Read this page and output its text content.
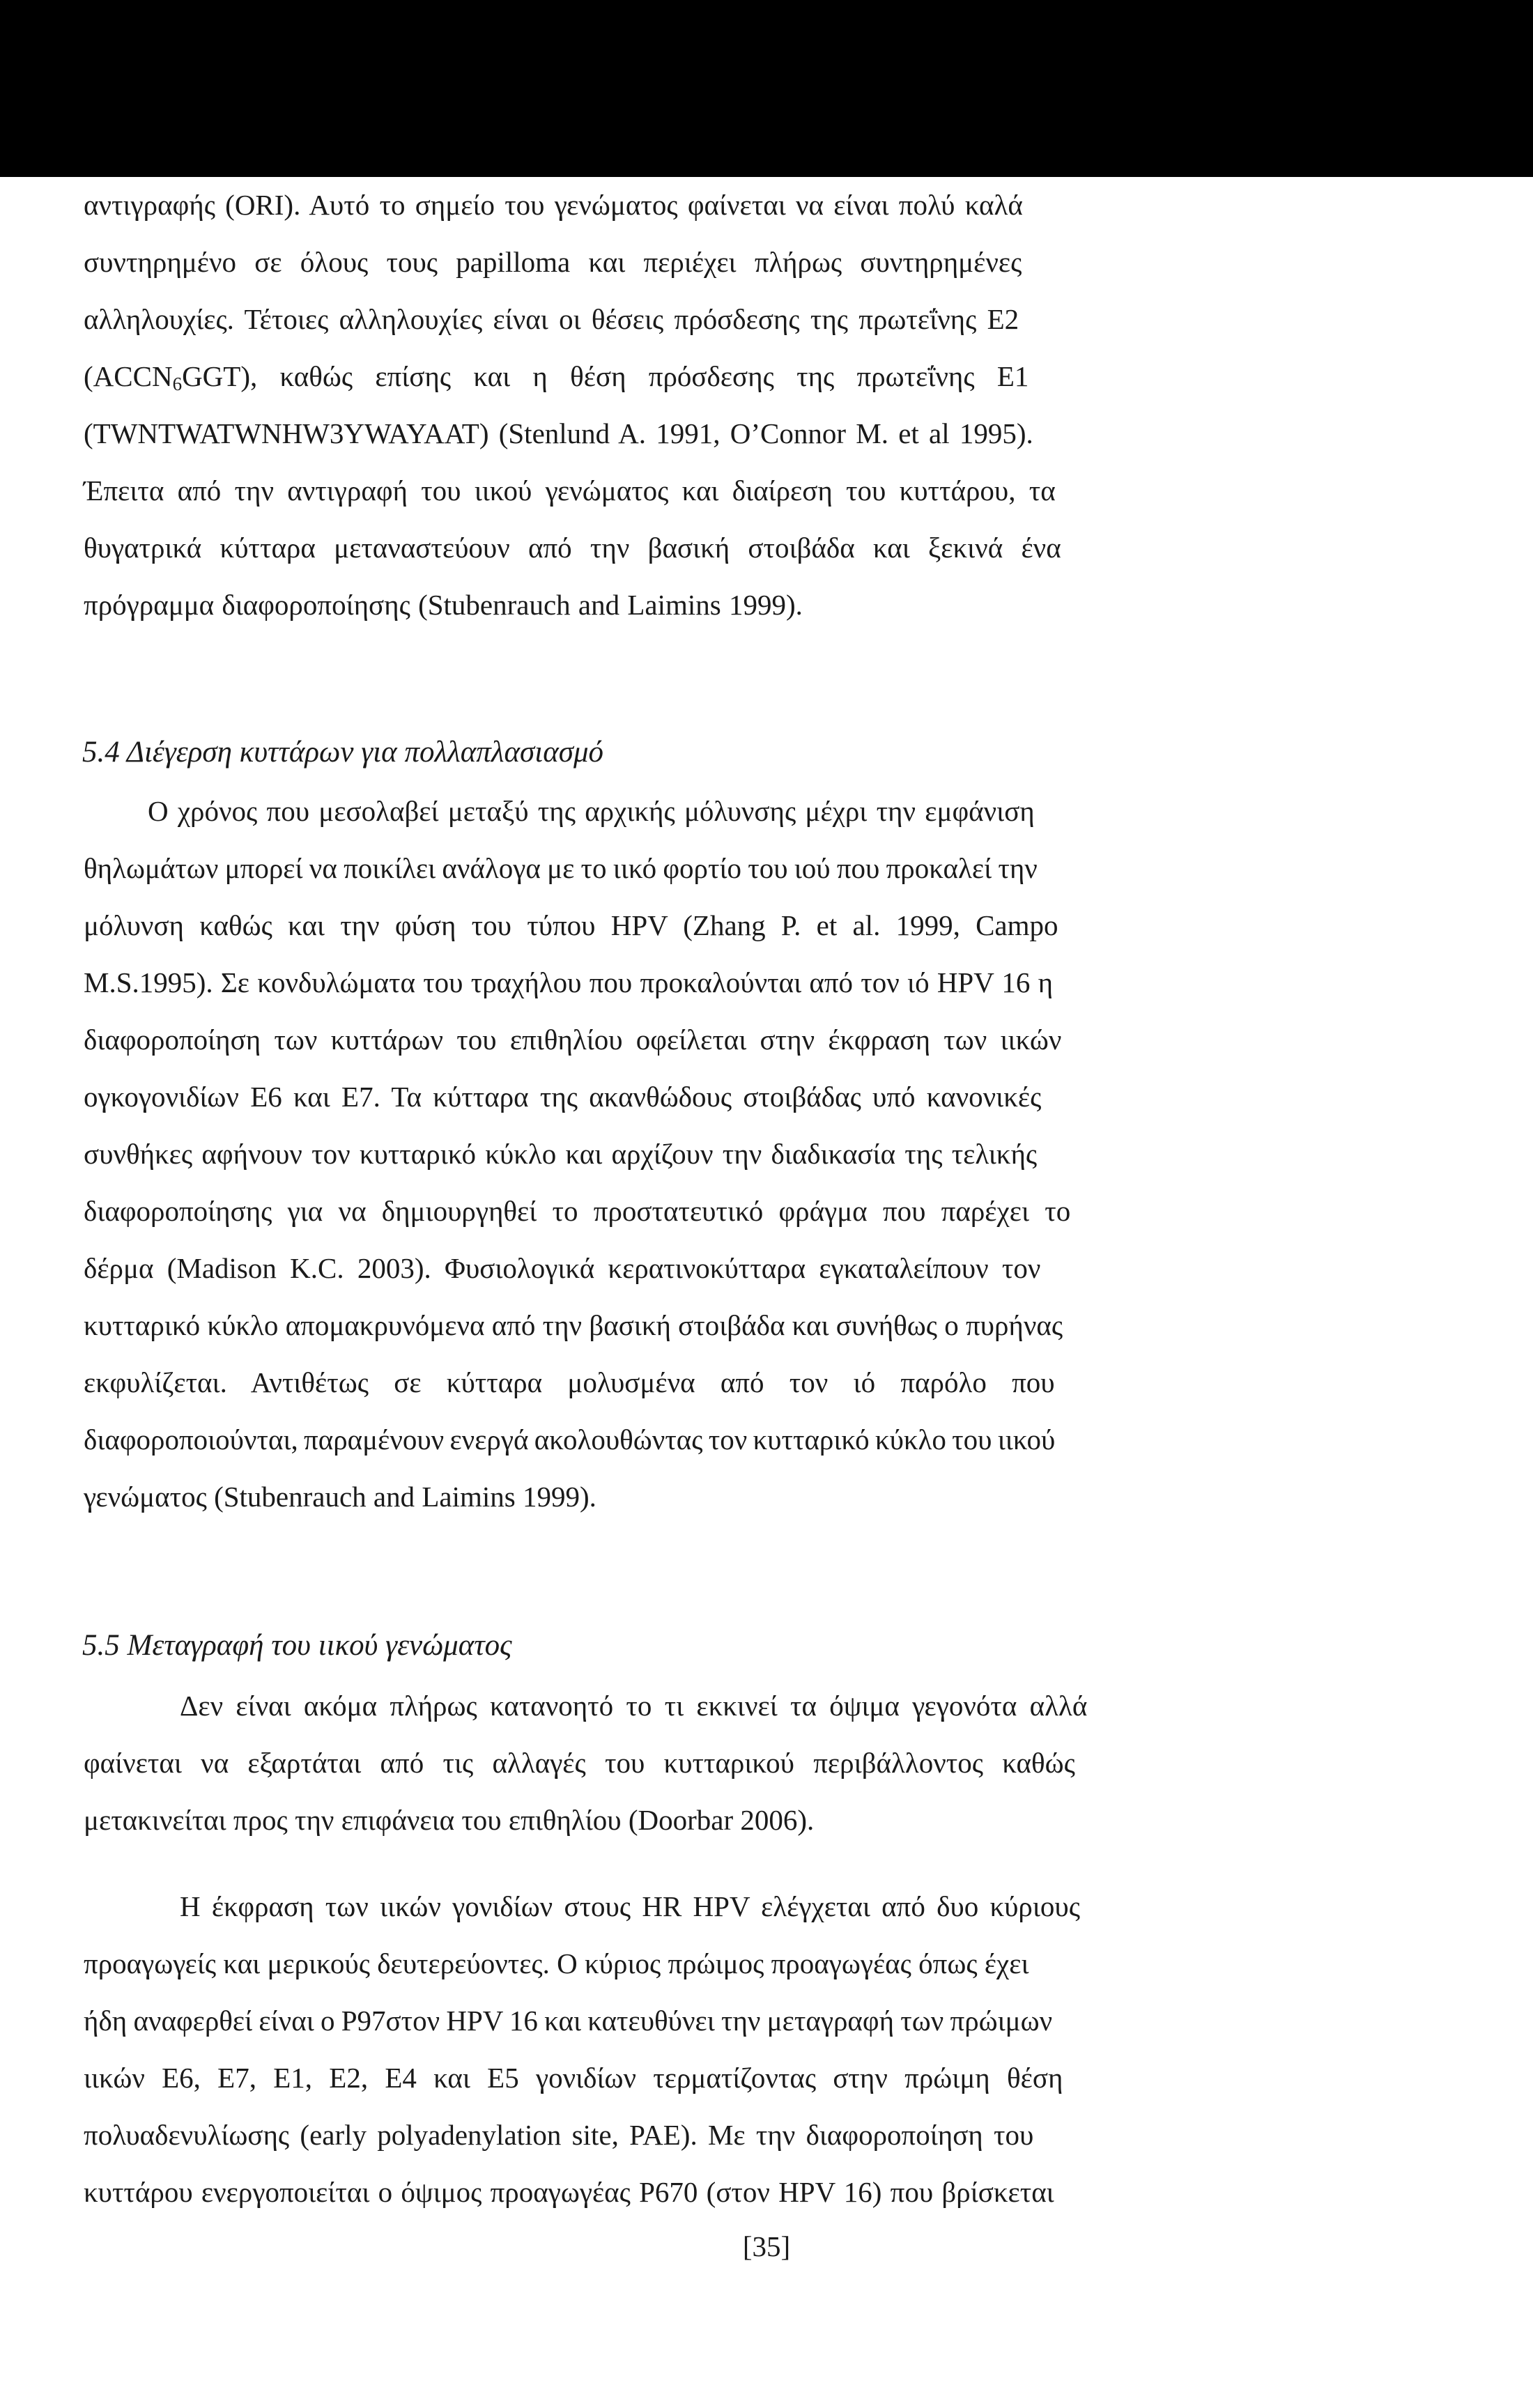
αντιγραφής (ORI). Αυτό το σημείο του γενώματος φαίνεται να είναι πολύ καλά
συντηρημένο σε όλους τους papilloma και περιέχει πλήρως συντηρημένες
αλληλουχίες. Τέτοιες αλληλουχίες είναι οι θέσεις πρόσδεσης της πρωτεΐνης Ε2
$(ACCN_6GGT)$, καθώς επίσης και η θέση πρόσδεσης της πρωτεΐνης Ε1
(TWNTWATWNHW3YWAYAAT) (Stenlund A. 1991, O’Connor M. et al 1995).
Έπειτα από την αντιγραφή του ιικού γενώματος και διαίρεση του κυττάρου, τα
θυγατρικά κύτταρα μεταναστεύουν από την βασική στοιβάδα και ξεκινά ένα
πρόγραμμα διαφοροποίησης (Stubenrauch and Laimins 1999).
5.4 Διέγερση κυττάρων για πολλαπλασιασμό
Ο χρόνος που μεσολαβεί μεταξύ της αρχικής μόλυνσης μέχρι την εμφάνιση
θηλωμάτων μπορεί να ποικίλει ανάλογα με το ιικό φορτίο του ιού που προκαλεί την
μόλυνση καθώς και την φύση του τύπου HPV (Zhang P. et al. 1999, Campo
M.S.1995). Σε κονδυλώματα του τραχήλου που προκαλούνται από τον ιό HPV 16 η
διαφοροποίηση των κυττάρων του επιθηλίου οφείλεται στην έκφραση των ιικών
ογκογονιδίων Ε6 και Ε7. Τα κύτταρα της ακανθώδους στοιβάδας υπό κανονικές
συνθήκες αφήνουν τον κυτταρικό κύκλο και αρχίζουν την διαδικασία της τελικής
διαφοροποίησης για να δημιουργηθεί το προστατευτικό φράγμα που παρέχει το
δέρμα (Madison K.C. 2003). Φυσιολογικά κερατινοκύτταρα εγκαταλείπουν τον
κυτταρικό κύκλο απομακρυνόμενα από την βασική στοιβάδα και συνήθως ο πυρήνας
εκφυλίζεται. Αντιθέτως σε κύτταρα μολυσμένα από τον ιό παρόλο που
διαφοροποιούνται, παραμένουν ενεργά ακολουθώντας τον κυτταρικό κύκλο του ιικού
γενώματος (Stubenrauch and Laimins 1999).
5.5 Μεταγραφή του ιικού γενώματος
Δεν είναι ακόμα πλήρως κατανοητό το τι εκκινεί τα όψιμα γεγονότα αλλά
φαίνεται να εξαρτάται από τις αλλαγές του κυτταρικού περιβάλλοντος καθώς
μετακινείται προς την επιφάνεια του επιθηλίου (Doorbar 2006).
Η έκφραση των ιικών γονιδίων στους HR HPV ελέγχεται από δυο κύριους
προαγωγείς και μερικούς δευτερεύοντες. Ο κύριος πρώιμος προαγωγέας όπως έχει
ήδη αναφερθεί είναι ο P97στον HPV 16 και κατευθύνει την μεταγραφή των πρώιμων
ιικών Ε6, Ε7, Ε1, Ε2, Ε4 και Ε5 γονιδίων τερματίζοντας στην πρώιμη θέση
πολυαδενυλίωσης (early polyadenylation site, PAE). Με την διαφοροποίηση του
κυττάρου ενεργοποιείται ο όψιμος προαγωγέας P670 (στον HPV 16) που βρίσκεται
[35]
